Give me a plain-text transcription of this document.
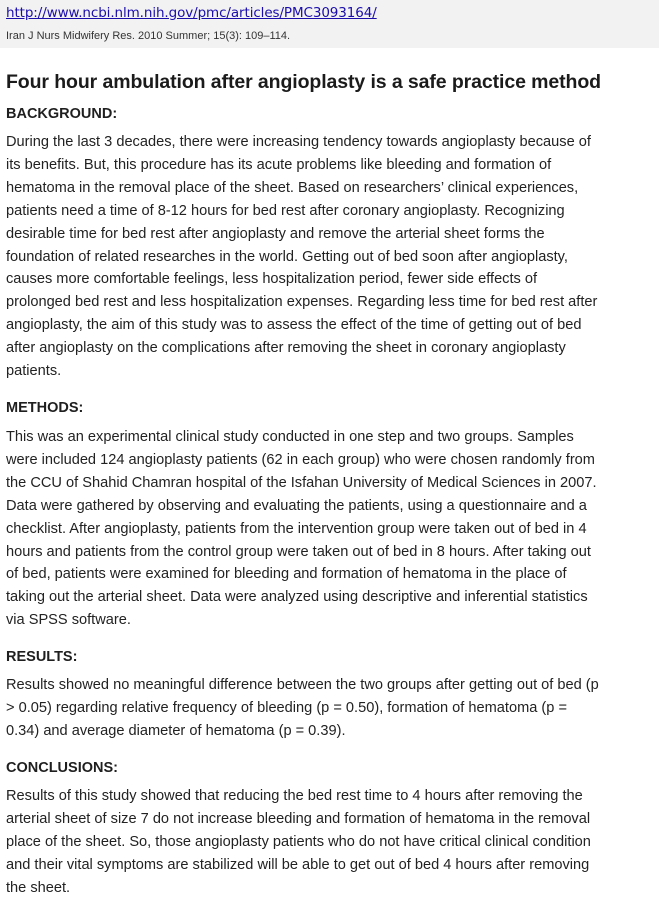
http://www.ncbi.nlm.nih.gov/pmc/articles/PMC3093164/
Iran J Nurs Midwifery Res. 2010 Summer; 15(3): 109–114.
Four hour ambulation after angioplasty is a safe practice method
BACKGROUND:
During the last 3 decades, there were increasing tendency towards angioplasty because of
its benefits. But, this procedure has its acute problems like bleeding and formation of
hematoma in the removal place of the sheet. Based on researchers’ clinical experiences,
patients need a time of 8-12 hours for bed rest after coronary angioplasty. Recognizing
desirable time for bed rest after angioplasty and remove the arterial sheet forms the
foundation of related researches in the world. Getting out of bed soon after angioplasty,
causes more comfortable feelings, less hospitalization period, fewer side effects of
prolonged bed rest and less hospitalization expenses. Regarding less time for bed rest after
angioplasty, the aim of this study was to assess the effect of the time of getting out of bed
after angioplasty on the complications after removing the sheet in coronary angioplasty
patients.
METHODS:
This was an experimental clinical study conducted in one step and two groups. Samples
were included 124 angioplasty patients (62 in each group) who were chosen randomly from
the CCU of Shahid Chamran hospital of the Isfahan University of Medical Sciences in 2007.
Data were gathered by observing and evaluating the patients, using a questionnaire and a
checklist. After angioplasty, patients from the intervention group were taken out of bed in 4
hours and patients from the control group were taken out of bed in 8 hours. After taking out
of bed, patients were examined for bleeding and formation of hematoma in the place of
taking out the arterial sheet. Data were analyzed using descriptive and inferential statistics
via SPSS software.
RESULTS:
Results showed no meaningful difference between the two groups after getting out of bed (p
> 0.05) regarding relative frequency of bleeding (p = 0.50), formation of hematoma (p =
0.34) and average diameter of hematoma (p = 0.39).
CONCLUSIONS:
Results of this study showed that reducing the bed rest time to 4 hours after removing the
arterial sheet of size 7 do not increase bleeding and formation of hematoma in the removal
place of the sheet. So, those angioplasty patients who do not have critical clinical condition
and their vital symptoms are stabilized will be able to get out of bed 4 hours after removing
the sheet.
